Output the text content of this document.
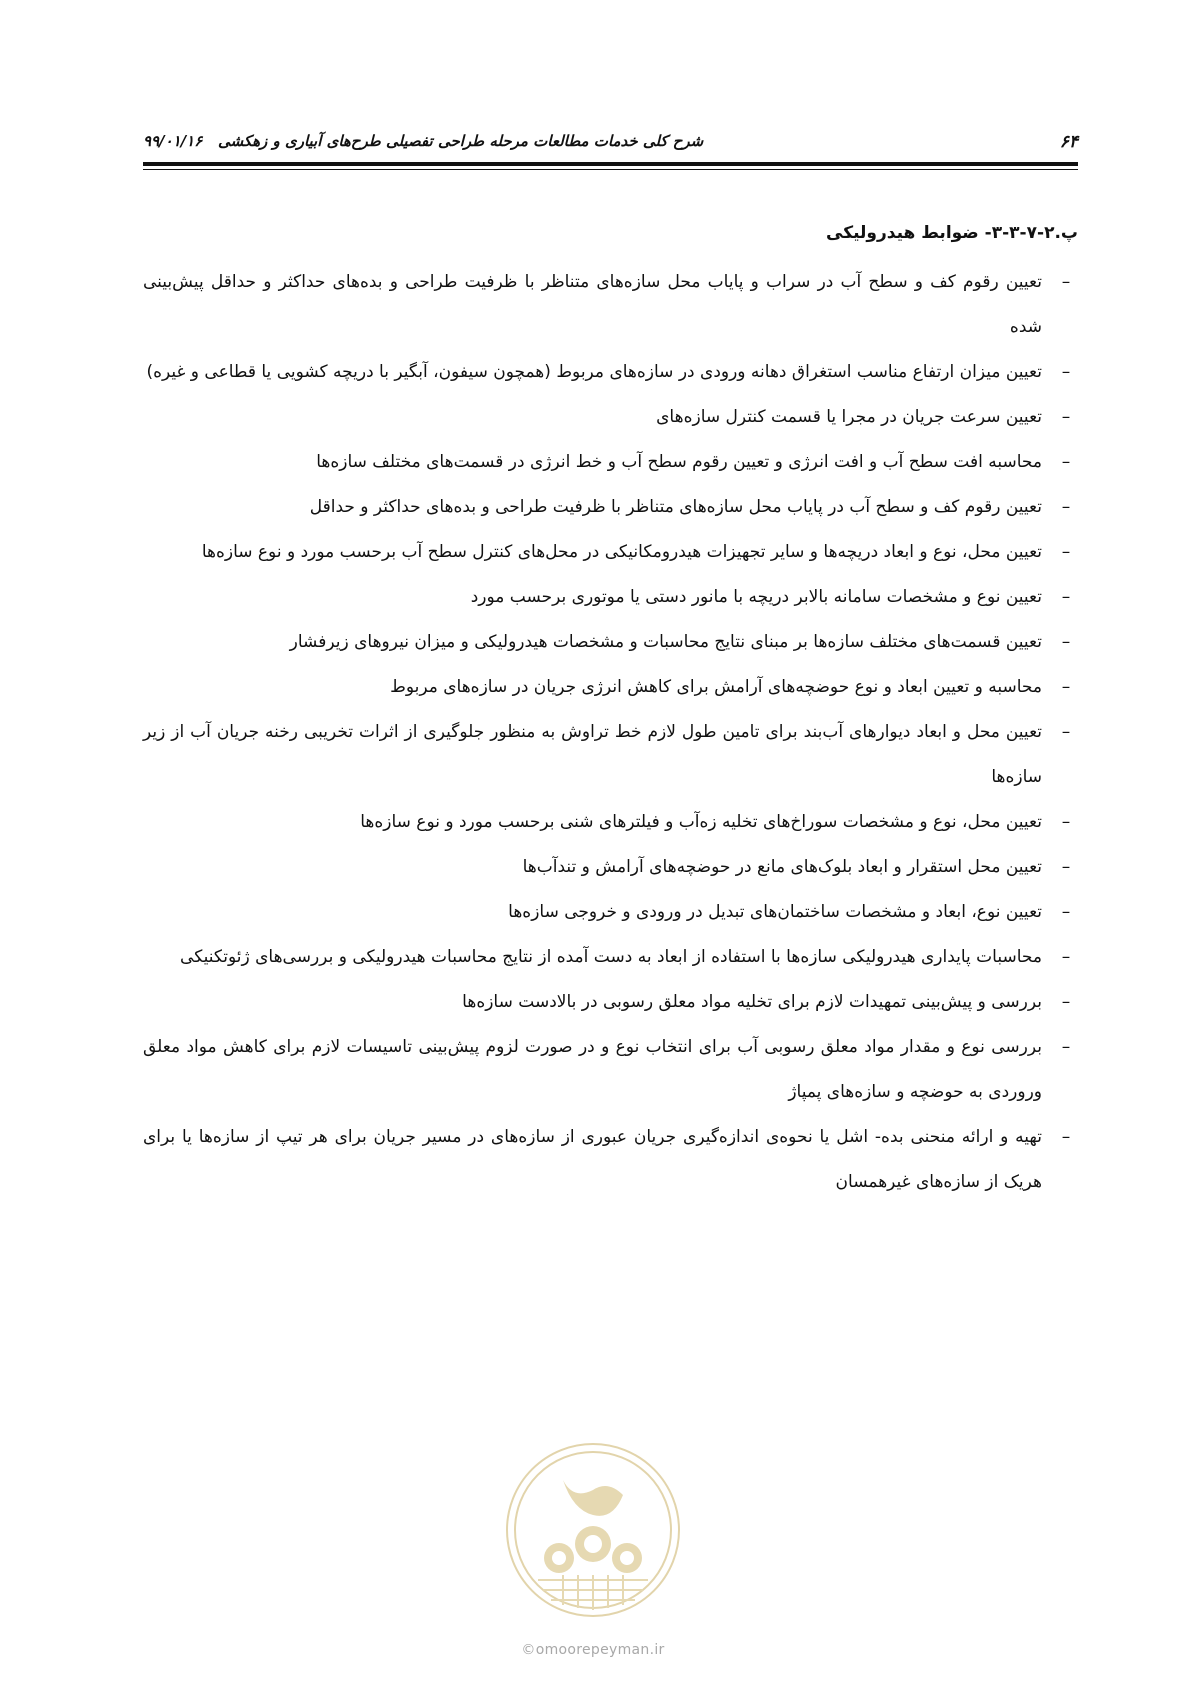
۶۴
شرح کلی خدمات مطالعات مرحله طراحی تفصیلی طرح‌های آبیاری و زهکشی   ۹۹/۰۱/۱۶
پ.۲-۷-۳-۳- ضوابط هیدرولیکی
–
تعیین رقوم کف و سطح آب در سراب و پایاب محل سازه‌های متناظر با ظرفیت طراحی و بده‌های حداکثر و حداقل پیش‌بینی شده
–
تعیین میزان ارتفاع مناسب استغراق دهانه ورودی در سازه‌های مربوط (همچون سیفون، آبگیر با دریچه کشویی یا قطاعی و غیره)
–
تعیین سرعت جریان در مجرا یا قسمت کنترل سازه‌های
–
محاسبه افت سطح آب و افت انرژی و تعیین رقوم سطح آب و خط انرژی در قسمت‌های مختلف سازه‌ها
–
تعیین رقوم کف و سطح آب در پایاب محل سازه‌های متناظر با ظرفیت طراحی و بده‌های حداکثر و حداقل
–
تعیین محل، نوع و ابعاد دریچه‌ها و سایر تجهیزات هیدرومکانیکی در محل‌های کنترل سطح آب برحسب مورد و نوع سازه‌ها
–
تعیین نوع و مشخصات سامانه بالابر دریچه با مانور دستی یا موتوری برحسب مورد
–
تعیین قسمت‌های مختلف سازه‌ها بر مبنای نتایج محاسبات و مشخصات هیدرولیکی و میزان نیروهای زیرفشار
–
محاسبه و تعیین ابعاد و نوع حوضچه‌های آرامش برای کاهش انرژی جریان در سازه‌های مربوط
–
تعیین محل و ابعاد دیوارهای آب‌بند برای تامین طول لازم خط تراوش به منظور جلوگیری از اثرات تخریبی رخنه جریان آب از زیر سازه‌ها
–
تعیین محل، نوع و مشخصات سوراخ‌های تخلیه زه‌آب و فیلترهای شنی برحسب مورد و نوع سازه‌ها
–
تعیین محل استقرار و ابعاد بلوک‌های مانع در حوضچه‌های آرامش و تندآب‌ها
–
تعیین نوع، ابعاد و مشخصات ساختمان‌های تبدیل در ورودی و خروجی سازه‌ها
–
محاسبات پایداری هیدرولیکی سازه‌ها با استفاده از ابعاد به دست آمده از نتایج محاسبات هیدرولیکی و بررسی‌های ژئوتکنیکی
–
بررسی و پیش‌بینی تمهیدات لازم برای تخلیه مواد معلق رسوبی در بالادست سازه‌ها
–
بررسی نوع و مقدار مواد معلق رسوبی آب برای انتخاب نوع و در صورت لزوم پیش‌بینی تاسیسات لازم برای کاهش مواد معلق وروردی به حوضچه و سازه‌های پمپاژ
–
تهیه و ارائه منحنی بده- اشل یا نحوه‌ی اندازه‌گیری جریان عبوری از سازه‌های در مسیر جریان برای هر تیپ از سازه‌ها یا برای هریک از سازه‌های غیرهمسان
©omoorepeyman.ir
